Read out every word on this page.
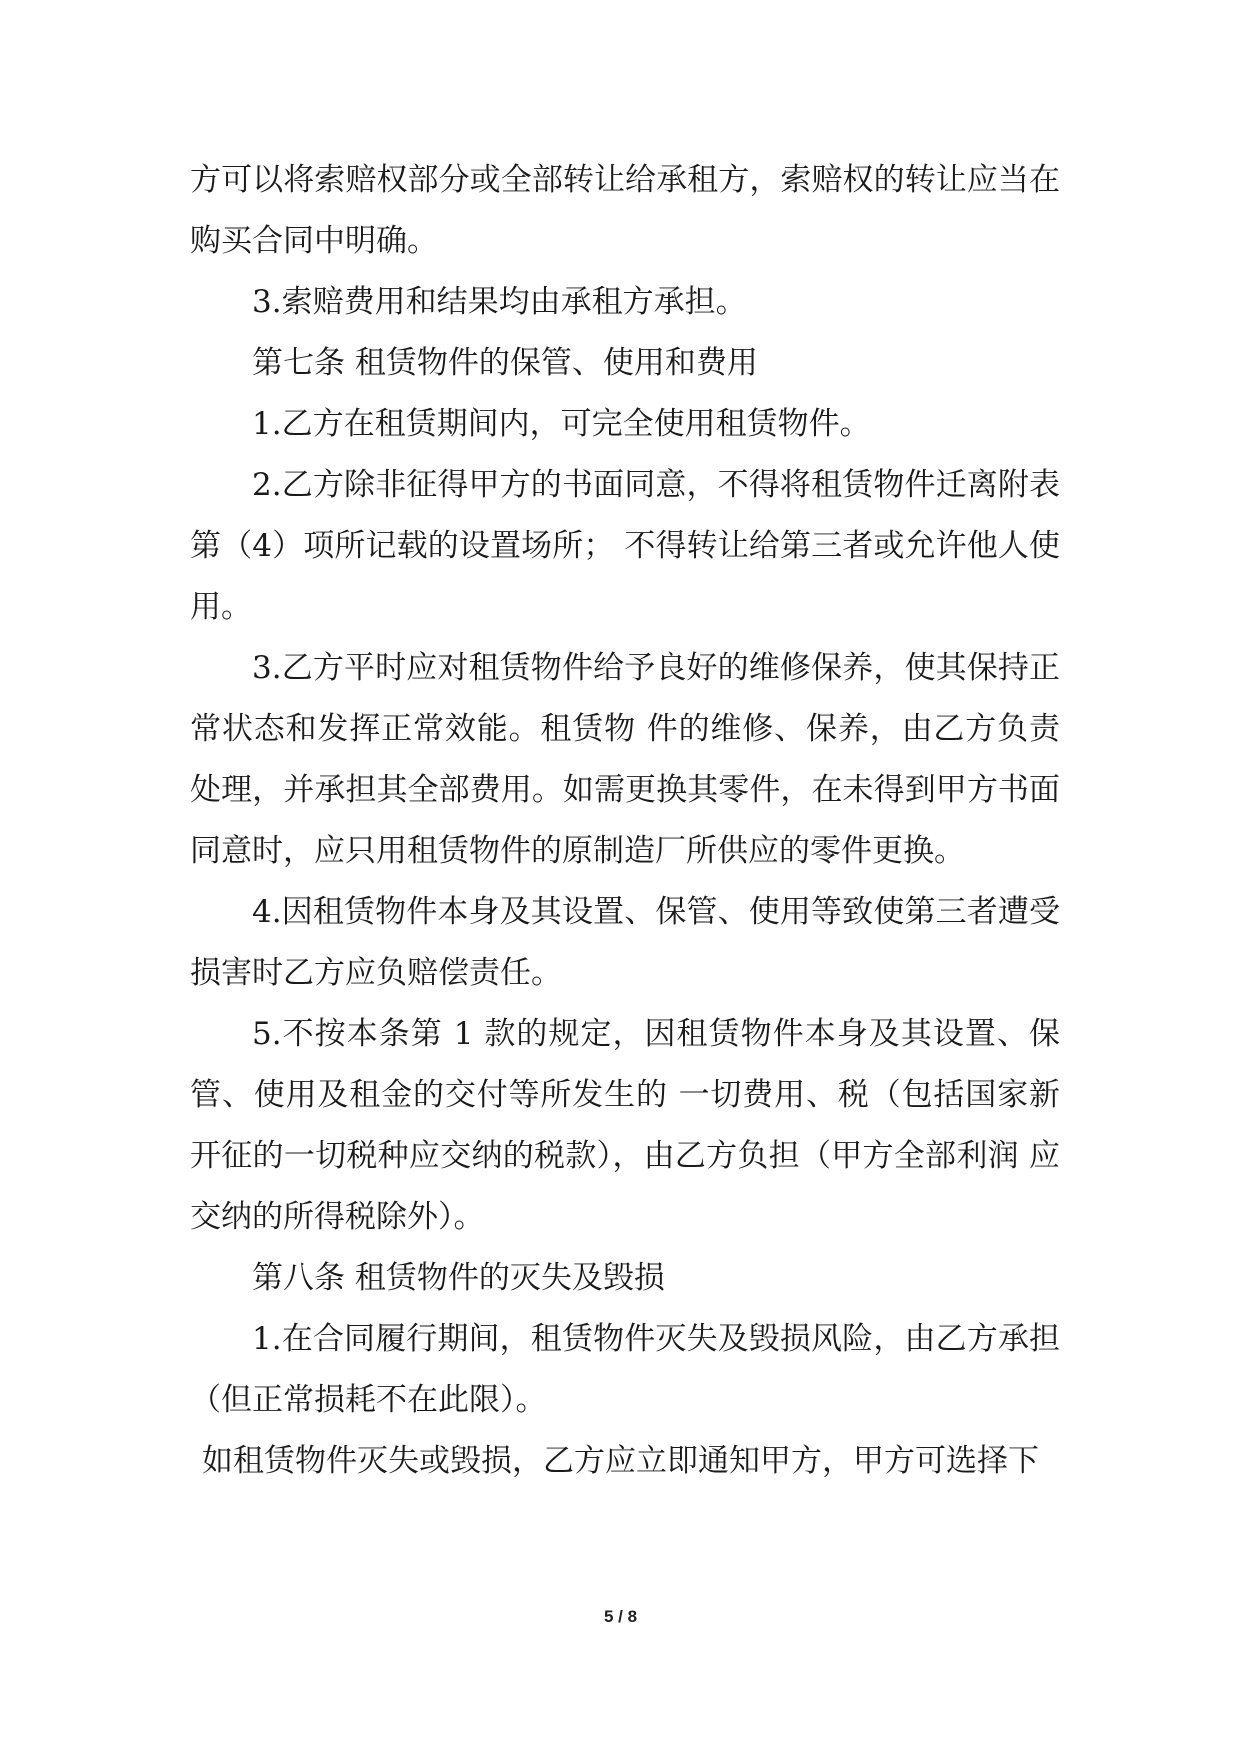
方可以将索赔权部分或全部转让给承租方，索赔权的转让应当在购买合同中明确。

3.索赔费用和结果均由承租方承担。

第七条 租赁物件的保管、使用和费用

1.乙方在租赁期间内，可完全使用租赁物件。

2.乙方除非征得甲方的书面同意，不得将租赁物件迁离附表第（4）项所记载的设置场所； 不得转让给第三者或允许他人使用。

3.乙方平时应对租赁物件给予良好的维修保养，使其保持正常状态和发挥正常效能。租赁物 件的维修、保养，由乙方负责处理，并承担其全部费用。如需更换其零件，在未得到甲方书面同意时，应只用租赁物件的原制造厂所供应的零件更换。

4.因租赁物件本身及其设置、保管、使用等致使第三者遭受损害时乙方应负赔偿责任。

5.不按本条第 1 款的规定，因租赁物件本身及其设置、保管、使用及租金的交付等所发生的 一切费用、税（包括国家新开征的一切税种应交纳的税款），由乙方负担（甲方全部利润 应交纳的所得税除外）。

第八条 租赁物件的灭失及毁损

1.在合同履行期间，租赁物件灭失及毁损风险，由乙方承担（但正常损耗不在此限）。

如租赁物件灭失或毁损，乙方应立即通知甲方，甲方可选择下

5 / 8
